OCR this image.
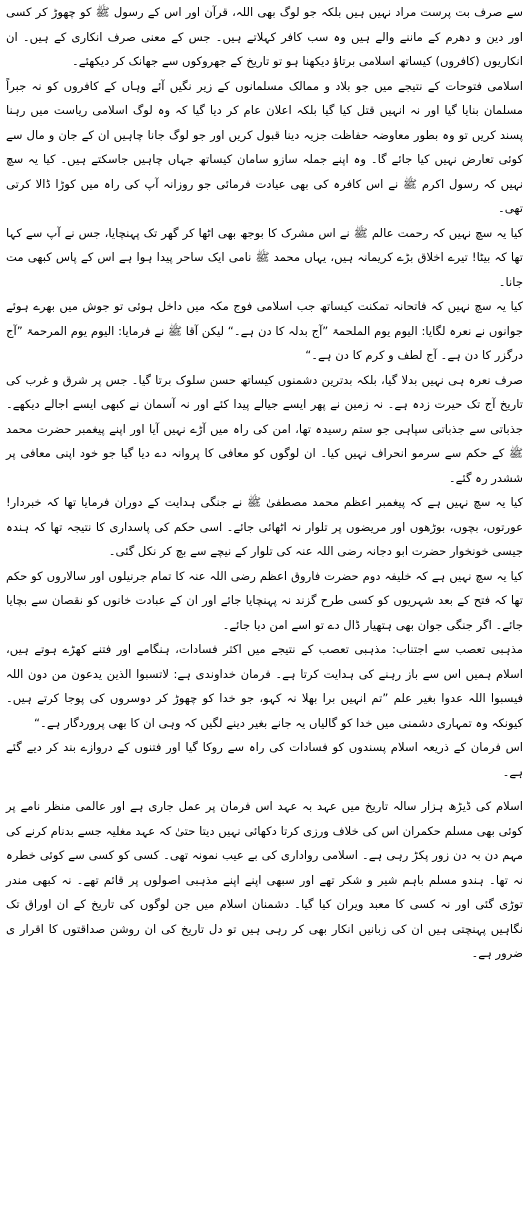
سے صرف بت پرست مراد نہیں ہیں بلکہ جو لوگ بھی اللہ، قرآن اور اس کے رسول ﷺ کو چھوڑ کر کسی اور دین و دھرم کے ماننے والے ہیں وہ سب کافر کہلاتے ہیں۔ جس کے معنی صرف انکاری کے ہیں۔ ان انکاریوں (کافروں) کیساتھ اسلامی برتاؤ دیکھنا ہو تو تاریخ کے جھروکوں سے جھانک کر دیکھئے۔

اسلامی فتوحات کے نتیجے میں جو بلاد و ممالک مسلمانوں کے زیر نگیں آئے وہاں کے کافروں کو نہ جبراً مسلمان بنایا گیا اور نہ انہیں قتل کیا گیا بلکہ اعلان عام کر دیا گیا کہ وہ لوگ اسلامی ریاست میں رہنا پسند کریں تو وہ بطور معاوضہ حفاظت جزیہ دینا قبول کریں اور جو لوگ جانا چاہیں ان کے جان و مال سے کوئی تعارض نہیں کیا جائے گا۔ وہ اپنے جملہ سازو سامان کیساتھ جہاں چاہیں جاسکتے ہیں۔ کیا یہ سچ نہیں کہ رسول اکرم ﷺ نے اس کافرہ کی بھی عیادت فرمائی جو روزانہ آپ کی راہ میں کوڑا ڈالا کرتی تھی۔

کیا یہ سچ نہیں کہ رحمت عالم ﷺ نے اس مشرک کا بوجھ بھی اٹھا کر گھر تک پہنچایا، جس نے آپ سے کہا تھا کہ بیٹا! تیرے اخلاق بڑے کریمانہ ہیں، یہاں محمد ﷺ نامی ایک ساحر پیدا ہوا ہے اس کے پاس کبھی مت جانا۔

کیا یہ سچ نہیں کہ فاتحانہ تمکنت کیساتھ جب اسلامی فوج مکہ میں داخل ہوئی تو جوش میں بھرے ہوئے جوانوں نے نعرہ لگایا: الیوم یوم الملحمۃ ”آج بدلہ کا دن ہے۔“ لیکن آقا ﷺ نے فرمایا: الیوم یوم المرحمۃ ”آج درگزر کا دن ہے۔ آج لطف و کرم کا دن ہے۔“

صرف نعرہ ہی نہیں بدلا گیا، بلکہ بدترین دشمنوں کیساتھ حسن سلوک برتا گیا۔ جس پر شرق و غرب کی تاریخ آج تک حیرت زدہ ہے۔ نہ زمین نے پھر ایسے جیالے پیدا کئے اور نہ آسمان نے کبھی ایسے اجالے دیکھے۔ جذباتی سے جذباتی سپاہی جو ستم رسیدہ تھا، امن کی راہ میں آڑے نہیں آیا اور اپنے پیغمبر حضرت محمد ﷺ کے حکم سے سرمو انحراف نہیں کیا۔ ان لوگوں کو معافی کا پروانہ دے دیا گیا جو خود اپنی معافی پر ششدر رہ گئے۔

کیا یہ سچ نہیں ہے کہ پیغمبر اعظم محمد مصطفیٰ ﷺ نے جنگی ہدایت کے دوران فرمایا تھا کہ خبردار! عورتوں، بچوں، بوڑھوں اور مریضوں پر تلوار نہ اٹھائی جائے۔ اسی حکم کی پاسداری کا نتیجہ تھا کہ ہندہ جیسی خونخوار حضرت ابو دجانہ رضی اللہ عنہ کی تلوار کے نیچے سے بچ کر نکل گئی۔

کیا یہ سچ نہیں ہے کہ خلیفہ دوم حضرت فاروق اعظم رضی اللہ عنہ کا تمام جرنیلوں اور سالاروں کو حکم تھا کہ فتح کے بعد شہریوں کو کسی طرح گزند نہ پہنچایا جائے اور ان کے عبادت خانوں کو نقصان سے بچایا جائے۔ اگر جنگی جوان بھی ہتھیار ڈال دے تو اسے امن دیا جائے۔

مذہبی تعصب سے اجتناب: مذہبی تعصب کے نتیجے میں اکثر فسادات، ہنگامے اور فتنے کھڑے ہوتے ہیں، اسلام ہمیں اس سے باز رہنے کی ہدایت کرتا ہے۔ فرمان خداوندی ہے: لاتسبوا الذین یدعون من دون اللہ فیسبوا اللہ عدوا بغیر علم ”تم انہیں برا بھلا نہ کہو، جو خدا کو چھوڑ کر دوسروں کی پوجا کرتے ہیں۔ کیونکہ وہ تمہاری دشمنی میں خدا کو گالیاں یہ جانے بغیر دینے لگیں کہ وہی ان کا بھی پروردگار ہے۔“

اس فرمان کے ذریعہ اسلام پسندوں کو فسادات کی راہ سے روکا گیا اور فتنوں کے دروازے بند کر دیے گئے ہے۔

اسلام کی ڈیڑھ ہزار سالہ تاریخ میں عہد بہ عہد اس فرمان پر عمل جاری ہے اور عالمی منظر نامے پر کوئی بھی مسلم حکمران اس کی خلاف ورزی کرتا دکھائی نہیں دیتا حتیٰ کہ عہد مغلیہ جسے بدنام کرنے کی مہم دن بہ دن زور پکڑ رہی ہے۔ اسلامی رواداری کی بے عیب نمونہ تھی۔ کسی کو کسی سے کوئی خطرہ نہ تھا۔ ہندو مسلم باہم شیر و شکر تھے اور سبھی اپنے اپنے مذہبی اصولوں پر قائم تھے۔ نہ کبھی مندر توڑی گئی اور نہ کسی کا معبد ویران کیا گیا۔ دشمنان اسلام میں جن لوگوں کی تاریخ کے ان اوراق تک نگاہیں پہنچتی ہیں ان کی زبانیں انکار بھی کر رہی ہیں تو دل تاریخ کی ان روشن صداقتوں کا اقرار ی ضرور ہے۔
